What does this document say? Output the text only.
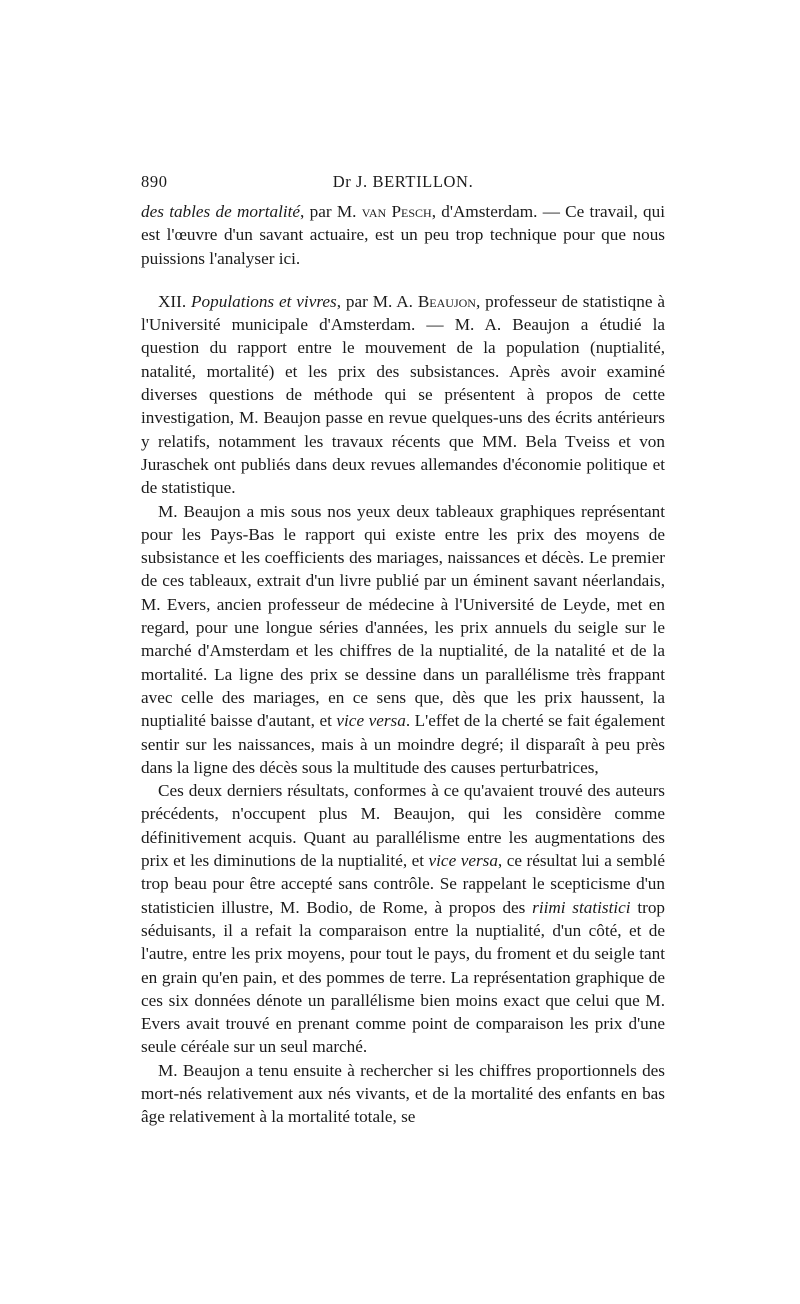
890	Dr J. BERTILLON.

des tables de mortalité, par M. van Pesch, d'Amsterdam. — Ce travail, qui est l'œuvre d'un savant actuaire, est un peu trop technique pour que nous puissions l'analyser ici.

XII. Populations et vivres, par M. A. Beaujon, professeur de statistiqne à l'Université municipale d'Amsterdam. — M. A. Beaujon a étudié la question du rapport entre le mouvement de la population (nuptialité, natalité, mortalité) et les prix des subsistances. Après avoir examiné diverses questions de méthode qui se présentent à propos de cette investigation, M. Beaujon passe en revue quelques-uns des écrits antérieurs y relatifs, notamment les travaux récents que MM. Bela Tveiss et von Juraschek ont publiés dans deux revues allemandes d'économie politique et de statistique.

M. Beaujon a mis sous nos yeux deux tableaux graphiques représentant pour les Pays-Bas le rapport qui existe entre les prix des moyens de subsistance et les coefficients des mariages, naissances et décès. Le premier de ces tableaux, extrait d'un livre publié par un éminent savant néerlandais, M. Evers, ancien professeur de médecine à l'Université de Leyde, met en regard, pour une longue séries d'années, les prix annuels du seigle sur le marché d'Amsterdam et les chiffres de la nuptialité, de la natalité et de la mortalité. La ligne des prix se dessine dans un parallélisme très frappant avec celle des mariages, en ce sens que, dès que les prix haussent, la nuptialité baisse d'autant, et vice versa. L'effet de la cherté se fait également sentir sur les naissances, mais à un moindre degré; il disparaît à peu près dans la ligne des décès sous la multitude des causes perturbatrices,

Ces deux derniers résultats, conformes à ce qu'avaient trouvé des auteurs précédents, n'occupent plus M. Beaujon, qui les considère comme définitivement acquis. Quant au parallélisme entre les augmentations des prix et les diminutions de la nuptialité, et vice versa, ce résultat lui a semblé trop beau pour être accepté sans contrôle. Se rappelant le scepticisme d'un statisticien illustre, M. Bodio, de Rome, à propos des riimi statistici trop séduisants, il a refait la comparaison entre la nuptialité, d'un côté, et de l'autre, entre les prix moyens, pour tout le pays, du froment et du seigle tant en grain qu'en pain, et des pommes de terre. La représentation graphique de ces six données dénote un parallélisme bien moins exact que celui que M. Evers avait trouvé en prenant comme point de comparaison les prix d'une seule céréale sur un seul marché.

M. Beaujon a tenu ensuite à rechercher si les chiffres proportionnels des mort-nés relativement aux nés vivants, et de la mortalité des enfants en bas âge relativement à la mortalité totale, se
